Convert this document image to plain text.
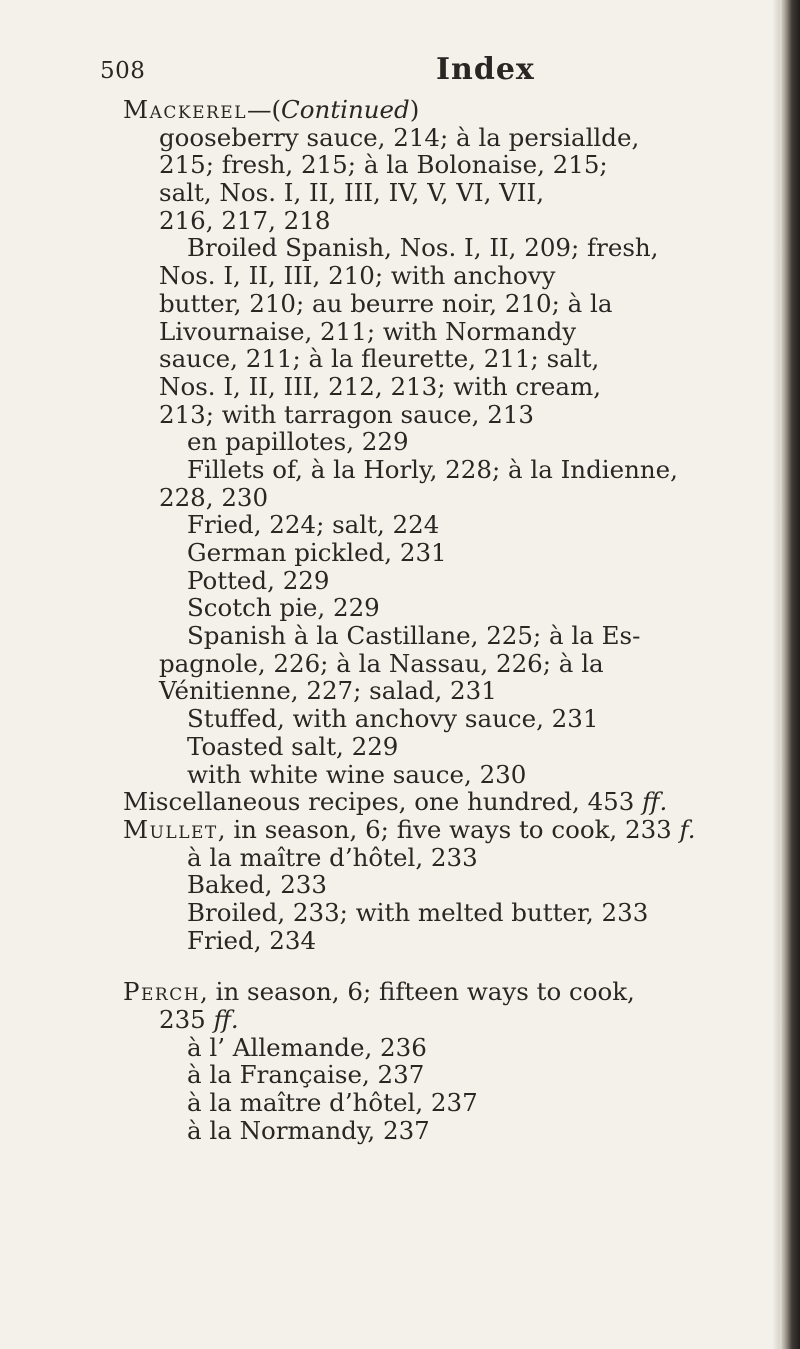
508	Index
Mackerel—(Continued)
gooseberry sauce, 214; à la persiallde,
215; fresh, 215; à la Bolonaise, 215;
salt, Nos. I, II, III, IV, V, VI, VII,
216, 217, 218
Broiled Spanish, Nos. I, II, 209; fresh,
Nos. I, II, III, 210; with anchovy
butter, 210; au beurre noir, 210; à la
Livournaise, 211; with Normandy
sauce, 211; à la fleurette, 211; salt,
Nos. I, II, III, 212, 213; with cream,
213; with tarragon sauce, 213
en papillotes, 229
Fillets of, à la Horly, 228; à la Indienne,
228, 230
Fried, 224; salt, 224
German pickled, 231
Potted, 229
Scotch pie, 229
Spanish à la Castillane, 225; à la Es-
pagnole, 226; à la Nassau, 226; à la
Vénitienne, 227; salad, 231
Stuffed, with anchovy sauce, 231
Toasted salt, 229
with white wine sauce, 230
Miscellaneous recipes, one hundred, 453 ff.
Mullet, in season, 6; five ways to cook, 233 f.
à la maître d’hôtel, 233
Baked, 233
Broiled, 233; with melted butter, 233
Fried, 234
Perch, in season, 6; fifteen ways to cook,
235 ff.
à l’ Allemande, 236
à la Française, 237
à la maître d’hôtel, 237
à la Normandy, 237
